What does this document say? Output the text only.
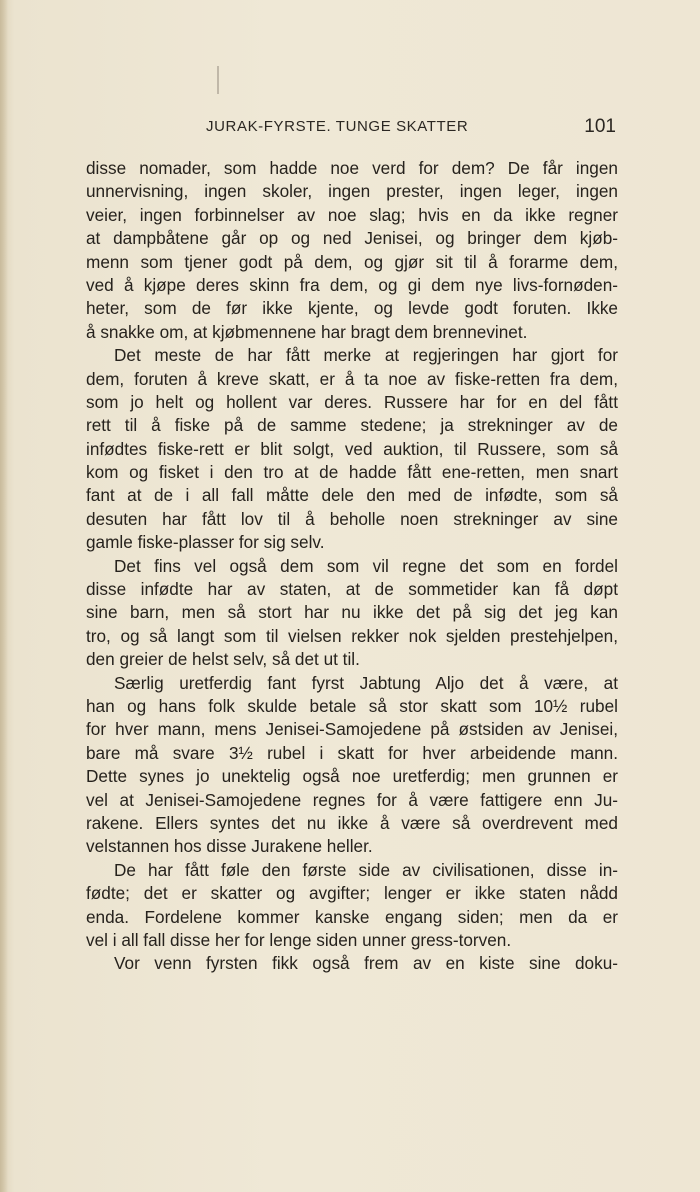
JURAK-FYRSTE. TUNGE SKATTER	101
disse nomader, som hadde noe verd for dem? De får ingen
unnervisning, ingen skoler, ingen prester, ingen leger, ingen
veier, ingen forbinnelser av noe slag; hvis en da ikke regner
at dampbåtene går op og ned Jenisei, og bringer dem kjøb-
menn som tjener godt på dem, og gjør sit til å forarme dem,
ved å kjøpe deres skinn fra dem, og gi dem nye livs-fornøden-
heter, som de før ikke kjente, og levde godt foruten. Ikke
å snakke om, at kjøbmennene har bragt dem brennevinet.
Det meste de har fått merke at regjeringen har gjort for
dem, foruten å kreve skatt, er å ta noe av fiske-retten fra dem,
som jo helt og hollent var deres. Russere har for en del fått
rett til å fiske på de samme stedene; ja strekninger av de
infødtes fiske-rett er blit solgt, ved auktion, til Russere, som så
kom og fisket i den tro at de hadde fått ene-retten, men snart
fant at de i all fall måtte dele den med de infødte, som så
desuten har fått lov til å beholle noen strekninger av sine
gamle fiske-plasser for sig selv.
Det fins vel også dem som vil regne det som en fordel
disse infødte har av staten, at de sommetider kan få døpt
sine barn, men så stort har nu ikke det på sig det jeg kan
tro, og så langt som til vielsen rekker nok sjelden prestehjelpen,
den greier de helst selv, så det ut til.
Særlig uretferdig fant fyrst Jabtung Aljo det å være, at
han og hans folk skulde betale så stor skatt som 10½ rubel
for hver mann, mens Jenisei-Samojedene på østsiden av Jenisei,
bare må svare 3½ rubel i skatt for hver arbeidende mann.
Dette synes jo unektelig også noe uretferdig; men grunnen er
vel at Jenisei-Samojedene regnes for å være fattigere enn Ju-
rakene. Ellers syntes det nu ikke å være så overdrevent med
velstannen hos disse Jurakene heller.
De har fått føle den første side av civilisationen, disse in-
fødte; det er skatter og avgifter; lenger er ikke staten nådd
enda. Fordelene kommer kanske engang siden; men da er
vel i all fall disse her for lenge siden unner gress-torven.
Vor venn fyrsten fikk også frem av en kiste sine doku-
